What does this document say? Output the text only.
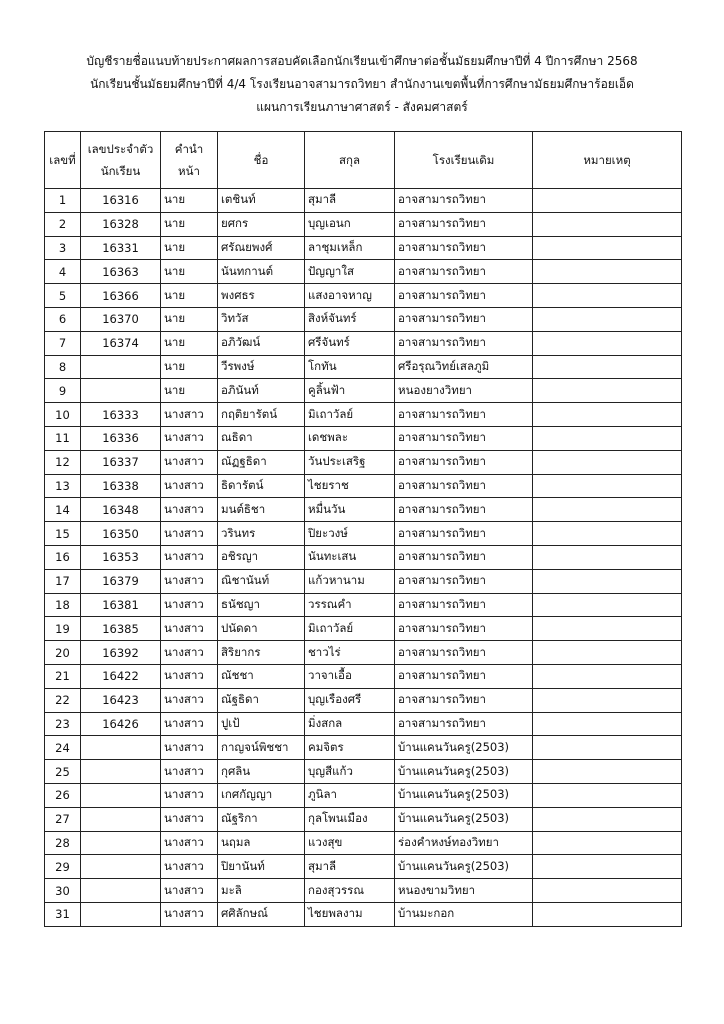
บัญชีรายชื่อแนบท้ายประกาศผลการสอบคัดเลือกนักเรียนเข้าศึกษาต่อชั้นมัธยมศึกษาปีที่ 4 ปีการศึกษา 2568
นักเรียนชั้นมัธยมศึกษาปีที่ 4/4 โรงเรียนอาจสามารถวิทยา สำนักงานเขตพื้นที่การศึกษามัธยมศึกษาร้อยเอ็ด
แผนการเรียนภาษาศาสตร์ - สังคมศาสตร์
เลขที่	เลขประจำตัวนักเรียน	คำนำหน้า	ชื่อ	สกุล	โรงเรียนเดิม	หมายเหตุ
1	16316	นาย	เตชินท์	สุมาลี	อาจสามารถวิทยา	
2	16328	นาย	ยศกร	บุญเอนก	อาจสามารถวิทยา	
3	16331	นาย	ศรัณยพงศ์	ลาชุมเหล็ก	อาจสามารถวิทยา	
4	16363	นาย	นันทกานต์	ปัญญาใส	อาจสามารถวิทยา	
5	16366	นาย	พงศธร	แสงอาจหาญ	อาจสามารถวิทยา	
6	16370	นาย	วิทวัส	สิงห์จันทร์	อาจสามารถวิทยา	
7	16374	นาย	อภิวัฒน์	ศรีจันทร์	อาจสามารถวิทยา	
8		นาย	วีรพงษ์	โกทัน	ศรีอรุณวิทย์เสลภูมิ	
9		นาย	อภินันท์	คูลิ้นฟ้า	หนองยางวิทยา	
10	16333	นางสาว	กฤติยารัตน์	มิเถาวัลย์	อาจสามารถวิทยา	
11	16336	นางสาว	ณธิดา	เดชพละ	อาจสามารถวิทยา	
12	16337	นางสาว	ณัฏฐธิดา	วันประเสริฐ	อาจสามารถวิทยา	
13	16338	นางสาว	ธิดารัตน์	ไชยราช	อาจสามารถวิทยา	
14	16348	นางสาว	มนต์ธิชา	หมื่นวัน	อาจสามารถวิทยา	
15	16350	นางสาว	วรินทร	ปิยะวงษ์	อาจสามารถวิทยา	
16	16353	นางสาว	อชิรญา	นันทะเสน	อาจสามารถวิทยา	
17	16379	นางสาว	ณิชานันท์	แก้วหานาม	อาจสามารถวิทยา	
18	16381	นางสาว	ธนัชญา	วรรณคำ	อาจสามารถวิทยา	
19	16385	นางสาว	ปนัดดา	มิเถาวัลย์	อาจสามารถวิทยา	
20	16392	นางสาว	สิริยากร	ชาวไร่	อาจสามารถวิทยา	
21	16422	นางสาว	ณัชชา	วาจาเอื้อ	อาจสามารถวิทยา	
22	16423	นางสาว	ณัฐธิดา	บุญเรืองศรี	อาจสามารถวิทยา	
23	16426	นางสาว	ปูเป้	มิ่งสกล	อาจสามารถวิทยา	
24		นางสาว	กาญจน์พิชชา	คมจิตร	บ้านแคนวันครู(2503)	
25		นางสาว	กุศลิน	บุญสีแก้ว	บ้านแคนวันครู(2503)	
26		นางสาว	เกศกัญญา	ภูนิลา	บ้านแคนวันครู(2503)	
27		นางสาว	ณัฐริกา	กุลโพนเมือง	บ้านแคนวันครู(2503)	
28		นางสาว	นฤมล	แวงสุข	ร่องคำหงษ์ทองวิทยา	
29		นางสาว	ปิยานันท์	สุมาลี	บ้านแคนวันครู(2503)	
30		นางสาว	มะลิ	กองสุวรรณ	หนองขามวิทยา	
31		นางสาว	ศศิลักษณ์	ไชยพลงาม	บ้านมะกอก	
